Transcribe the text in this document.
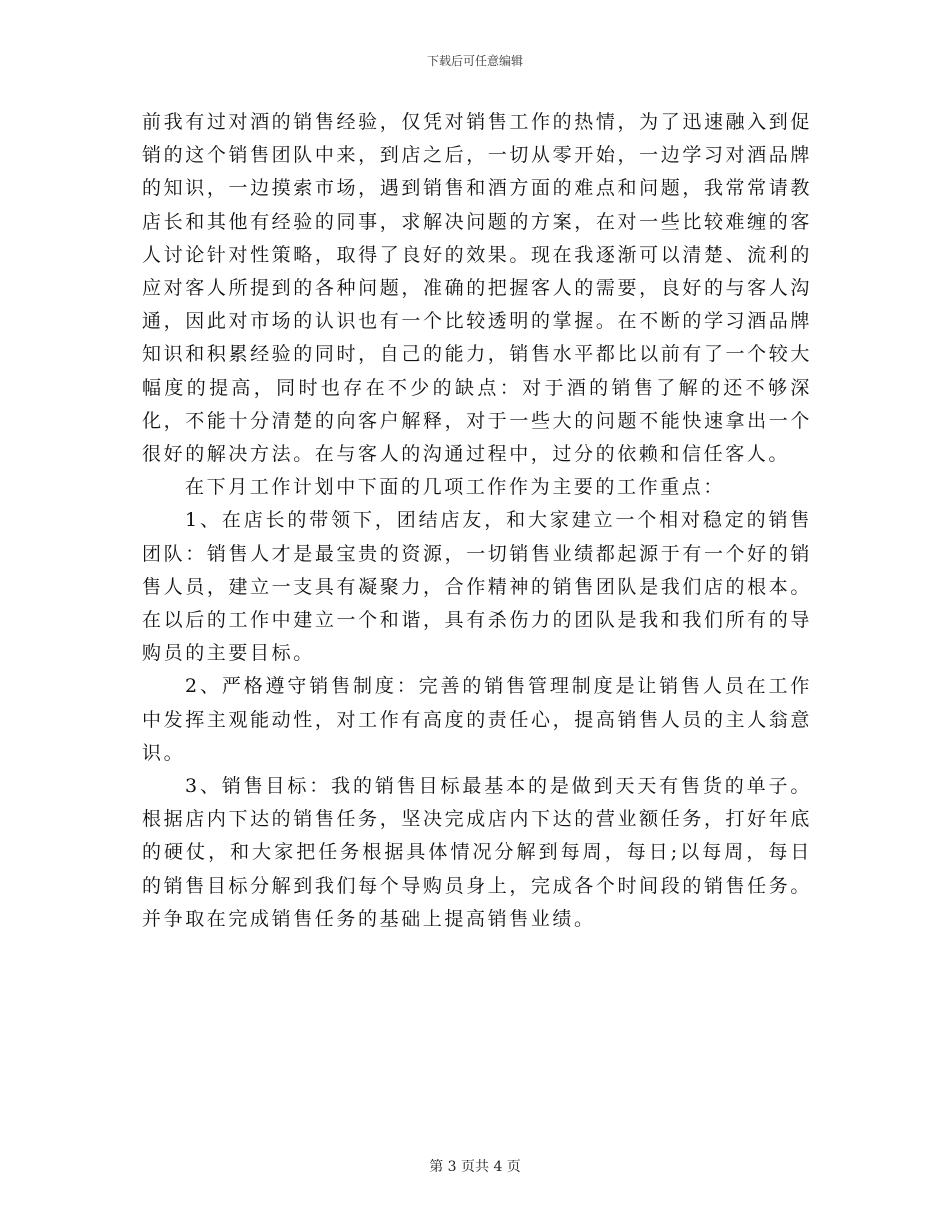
下载后可任意编辑

前我有过对酒的销售经验，仅凭对销售工作的热情，为了迅速融入到促销的这个销售团队中来，到店之后，一切从零开始，一边学习对酒品牌的知识，一边摸索市场，遇到销售和酒方面的难点和问题，我常常请教店长和其他有经验的同事，求解决问题的方案，在对一些比较难缠的客人讨论针对性策略，取得了良好的效果。现在我逐渐可以清楚、流利的应对客人所提到的各种问题，准确的把握客人的需要，良好的与客人沟通，因此对市场的认识也有一个比较透明的掌握。在不断的学习酒品牌知识和积累经验的同时，自己的能力，销售水平都比以前有了一个较大幅度的提高，同时也存在不少的缺点：对于酒的销售了解的还不够深化，不能十分清楚的向客户解释，对于一些大的问题不能快速拿出一个很好的解决方法。在与客人的沟通过程中，过分的依赖和信任客人。

在下月工作计划中下面的几项工作作为主要的工作重点：

1、在店长的带领下，团结店友，和大家建立一个相对稳定的销售团队：销售人才是最宝贵的资源，一切销售业绩都起源于有一个好的销售人员，建立一支具有凝聚力，合作精神的销售团队是我们店的根本。在以后的工作中建立一个和谐，具有杀伤力的团队是我和我们所有的导购员的主要目标。

2、严格遵守销售制度：完善的销售管理制度是让销售人员在工作中发挥主观能动性，对工作有高度的责任心，提高销售人员的主人翁意识。

3、销售目标：我的销售目标最基本的是做到天天有售货的单子。根据店内下达的销售任务，坚决完成店内下达的营业额任务，打好年底的硬仗，和大家把任务根据具体情况分解到每周，每日;以每周，每日的销售目标分解到我们每个导购员身上，完成各个时间段的销售任务。并争取在完成销售任务的基础上提高销售业绩。

第 3 页共 4 页
